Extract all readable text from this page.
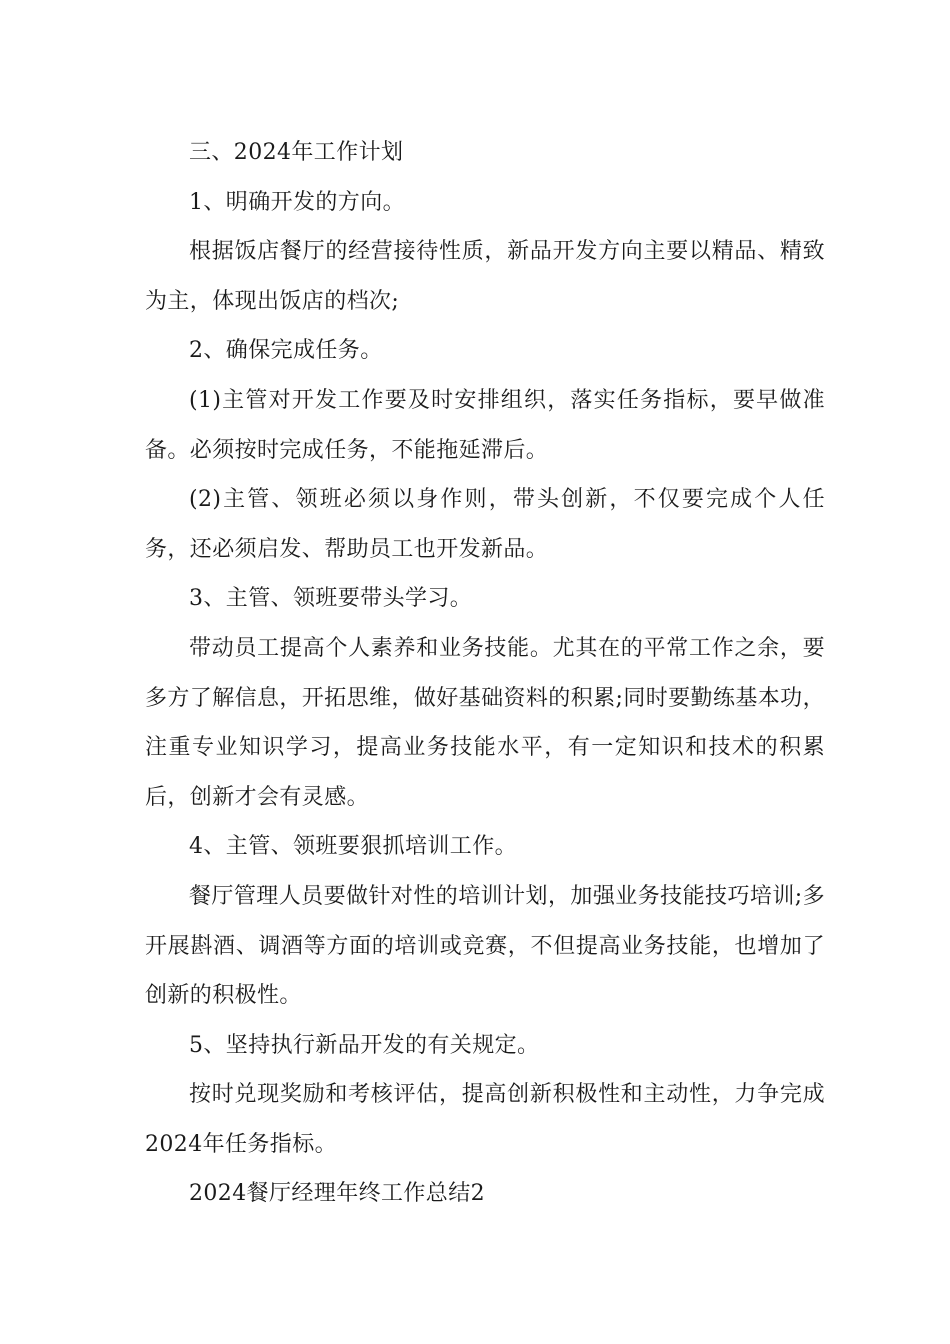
三、2024年工作计划

1、明确开发的方向。

根据饭店餐厅的经营接待性质，新品开发方向主要以精品、精致为主，体现出饭店的档次;

2、确保完成任务。

(1)主管对开发工作要及时安排组织，落实任务指标，要早做准备。必须按时完成任务，不能拖延滞后。

(2)主管、领班必须以身作则，带头创新，不仅要完成个人任务，还必须启发、帮助员工也开发新品。

3、主管、领班要带头学习。

带动员工提高个人素养和业务技能。尤其在的平常工作之余，要多方了解信息，开拓思维，做好基础资料的积累;同时要勤练基本功，注重专业知识学习，提高业务技能水平，有一定知识和技术的积累后，创新才会有灵感。

4、主管、领班要狠抓培训工作。

餐厅管理人员要做针对性的培训计划，加强业务技能技巧培训;多开展斟酒、调酒等方面的培训或竞赛，不但提高业务技能，也增加了创新的积极性。

5、坚持执行新品开发的有关规定。

按时兑现奖励和考核评估，提高创新积极性和主动性，力争完成2024年任务指标。

2024餐厅经理年终工作总结2
